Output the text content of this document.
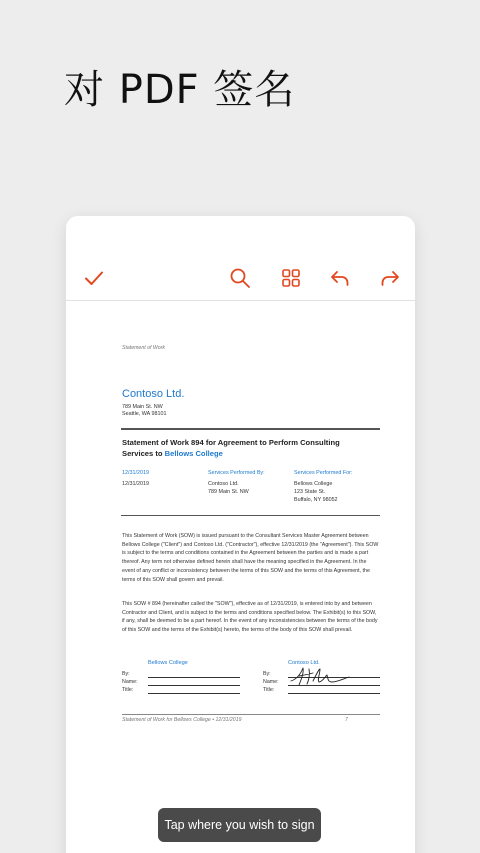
对 PDF 签名
Statement of Work
Contoso Ltd.
789 Main St. NW
Seattle, WA 98101
Statement of Work 894 for Agreement to Perform Consulting Services to Bellows College
12/31/2019
12/31/2019
Services Performed By:
Contoso Ltd.
789 Main St. NW
Services Performed For:
Bellows College
123 State St.
Buffalo, NY 98052
This Statement of Work (SOW) is issued pursuant to the Consultant Services Master Agreement between Bellows College ("Client") and Contoso Ltd. ("Contractor"), effective 12/31/2019 (the "Agreement"). This SOW is subject to the terms and conditions contained in the Agreement between the parties and is made a part thereof. Any term not otherwise defined herein shall have the meaning specified in the Agreement. In the event of any conflict or inconsistency between the terms of this SOW and the terms of this Agreement, the terms of this SOW shall govern and prevail.
This SOW # 894 (hereinafter called the "SOW"), effective as of 12/31/2019, is entered into by and between Contractor and Client, and is subject to the terms and conditions specified below. The Exhibit(s) to this SOW, if any, shall be deemed to be a part hereof. In the event of any inconsistencies between the terms of the body of this SOW and the terms of the Exhibit(s) hereto, the terms of the body of this SOW shall prevail.
Bellows College
By:
Name:
Title:
Contoso Ltd.
By:
Name:
Title:
Statement of Work for Bellows College • 12/31/2019	7
Tap where you wish to sign
